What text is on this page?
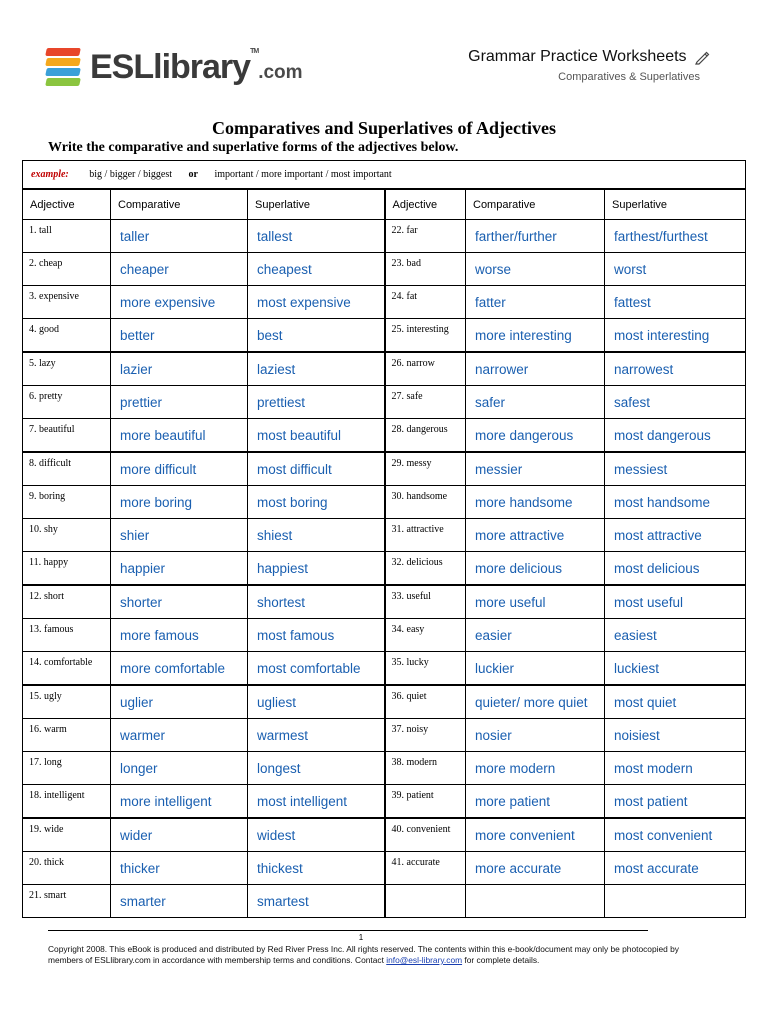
ESLlibrary™.com
Grammar Practice Worksheets
Comparatives & Superlatives
Comparatives and Superlatives of Adjectives
Write the comparative and superlative forms of the adjectives below.
example: big / bigger / biggest or important / more important / most important					
Adjective	Comparative	Superlative	Adjective	Comparative	Superlative

1. tall	taller	tallest	22. far	farther/further	farthest/furthest

2. cheap	cheaper	cheapest	23. bad	worse	worst

3. expensive	more expensive	most expensive	24. fat	fatter	fattest

4. good	better	best	25. interesting	more interesting	most interesting

5. lazy	lazier	laziest	26. narrow	narrower	narrowest

6. pretty	prettier	prettiest	27. safe	safer	safest

7. beautiful	more beautiful	most beautiful	28. dangerous	more dangerous	most dangerous

8. difficult	more difficult	most difficult	29. messy	messier	messiest

9. boring	more boring	most boring	30. handsome	more handsome	most handsome

10. shy	shier	shiest	31. attractive	more attractive	most attractive

11. happy	happier	happiest	32. delicious	more delicious	most delicious

12. short	shorter	shortest	33. useful	more useful	most useful

13. famous	more famous	most famous	34. easy	easier	easiest

14. comfortable	more comfortable	most comfortable	35. lucky	luckier	luckiest

15. ugly	uglier	ugliest	36. quiet	quieter/ more quiet	most quiet

16. warm	warmer	warmest	37. noisy	nosier	noisiest

17. long	longer	longest	38. modern	more modern	most modern

18. intelligent	more intelligent	most intelligent	39. patient	more patient	most patient

19. wide	wider	widest	40. convenient	more convenient	most convenient

20. thick	thicker	thickest	41. accurate	more accurate	most accurate

21. smart	smarter	smartest			

1
Copyright 2008. This eBook is produced and distributed by Red River Press Inc. All rights reserved. The contents within this e-book/document may only be photocopied by members of ESLlibrary.com in accordance with membership terms and conditions. Contact info@esl-library.com for complete details.
